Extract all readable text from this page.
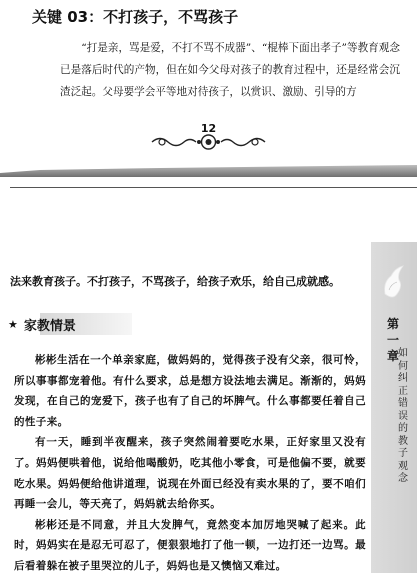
关键 03：不打孩子，不骂孩子
“打是亲，骂是爱，不打不骂不成器”、“棍棒下面出孝子”等教育观念已是落后时代的产物，但在如今父母对孩子的教育过程中，还是经常会沉渣泛起。父母要学会平等地对待孩子，以赏识、激励、引导的方
12
法来教育孩子。不打孩子，不骂孩子，给孩子欢乐，给自己成就感。
★ 家教情景

彬彬生活在一个单亲家庭，做妈妈的，觉得孩子没有父亲，很可怜，所以事事都宠着他。有什么要求，总是想方设法地去满足。渐渐的，妈妈发现，在自己的宠爱下，孩子也有了自己的坏脾气。什么事都要任着自己的性子来。

有一天，睡到半夜醒来，孩子突然闹着要吃水果，正好家里又没有了。妈妈便哄着他，说给他喝酸奶，吃其他小零食，可是他偏不要，就要吃水果。妈妈便给他讲道理，说现在外面已经没有卖水果的了，要不咱们再睡一会儿，等天亮了，妈妈就去给你买。

彬彬还是不同意，并且大发脾气，竟然变本加厉地哭喊了起来。此时，妈妈实在是忍无可忍了，便狠狠地打了他一顿，一边打还一边骂。最后看着躲在被子里哭泣的儿子，妈妈也是又懊恼又难过。

第
一
章 如
何
纠
正
错
误
的
教
子
观
念
